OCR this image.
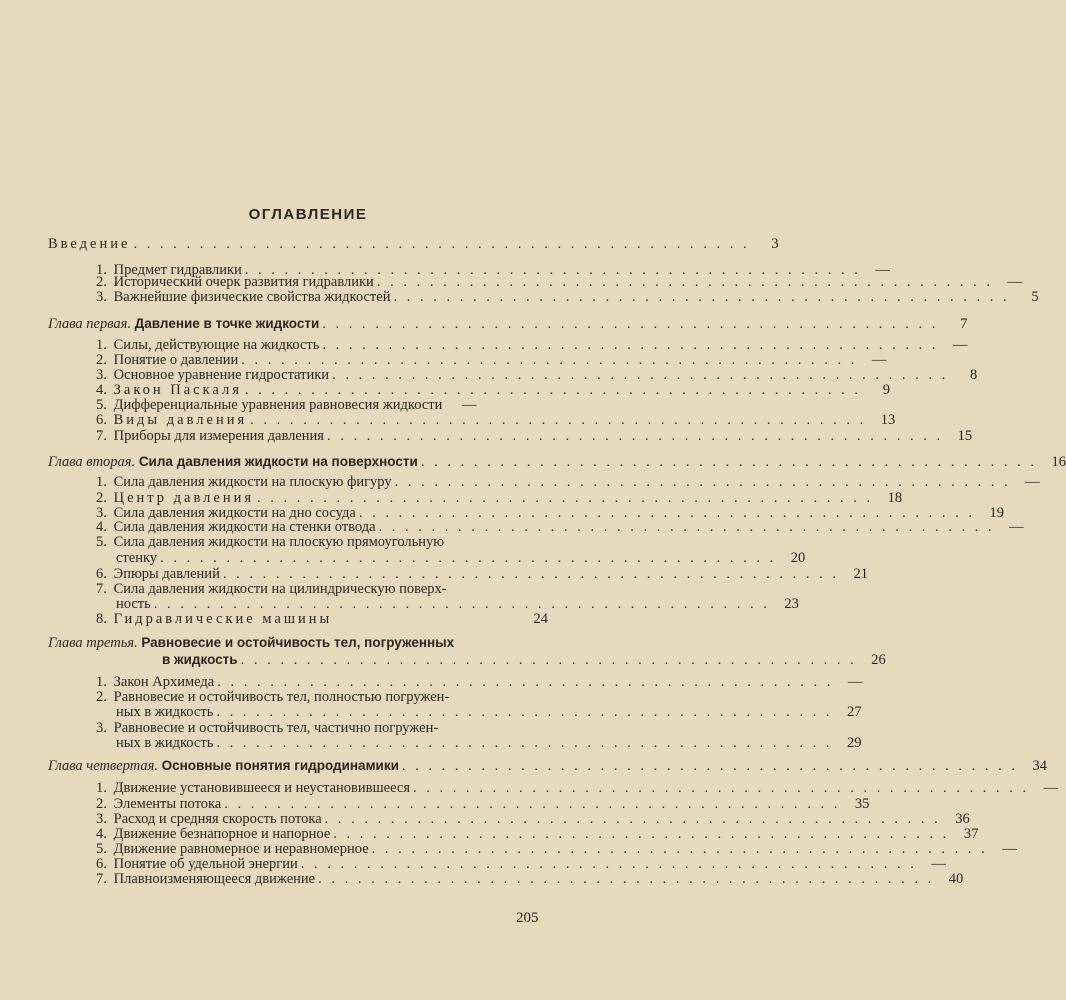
ОГЛАВЛЕНИЕ
Введение . . . . . . . . . . . . . . . . . . . . . . . . . . . . . . . . . . . . . . . . . . . . . . .	3
1. Предмет гидравлики . . . . . . . . . . . . . . . . . . . . . . . . . . . . . . . . . . . . . . . . . . . . . . .	—
2. Исторический очерк развития гидравлики . . . . . . . . . . . . . . . . . . . . . . . . . . . . . . . . . . . . . . . . . . . . . . .	—
3. Важнейшие физические свойства жидкостей . . . . . . . . . . . . . . . . . . . . . . . . . . . . . . . . . . . . . . . . . . . . . . .	5
Глава первая. Давление в точке жидкости . . . . . . . . . . . . . . . . . . . . . . . . . . . . . . . . . . . . . . . . . . . . . . .	7
1. Силы, действующие на жидкость . . . . . . . . . . . . . . . . . . . . . . . . . . . . . . . . . . . . . . . . . . . . . . .	—
2. Понятие о давлении . . . . . . . . . . . . . . . . . . . . . . . . . . . . . . . . . . . . . . . . . . . . . . .	—
3. Основное уравнение гидростатики . . . . . . . . . . . . . . . . . . . . . . . . . . . . . . . . . . . . . . . . . . . . . . .	8
4. Закон Паскаля . . . . . . . . . . . . . . . . . . . . . . . . . . . . . . . . . . . . . . . . . . . . . . .	9
5. Дифференциальные уравнения равновесия жидкости	—
6. Виды давления . . . . . . . . . . . . . . . . . . . . . . . . . . . . . . . . . . . . . . . . . . . . . . .	13
7. Приборы для измерения давления . . . . . . . . . . . . . . . . . . . . . . . . . . . . . . . . . . . . . . . . . . . . . . .	15
Глава вторая. Сила давления жидкости на поверхности . . . . . . . . . . . . . . . . . . . . . . . . . . . . . . . . . . . . . . . . . . . . . . .	16
1. Сила давления жидкости на плоскую фигуру . . . . . . . . . . . . . . . . . . . . . . . . . . . . . . . . . . . . . . . . . . . . . . .	—
2. Центр давления . . . . . . . . . . . . . . . . . . . . . . . . . . . . . . . . . . . . . . . . . . . . . . .	18
3. Сила давления жидкости на дно сосуда . . . . . . . . . . . . . . . . . . . . . . . . . . . . . . . . . . . . . . . . . . . . . . .	19
4. Сила давления жидкости на стенки отвода . . . . . . . . . . . . . . . . . . . . . . . . . . . . . . . . . . . . . . . . . . . . . . .	—
5. Сила давления жидкости на плоскую прямоугольную
стенку . . . . . . . . . . . . . . . . . . . . . . . . . . . . . . . . . . . . . . . . . . . . . . .	20
6. Эпюры давлений . . . . . . . . . . . . . . . . . . . . . . . . . . . . . . . . . . . . . . . . . . . . . . .	21
7. Сила давления жидкости на цилиндрическую поверх-
ность . . . . . . . . . . . . . . . . . . . . . . . . . . . . . . . . . . . . . . . . . . . . . . .	23
8. Гидравлические машины	24
Глава третья. Равновесие и остойчивость тел, погруженных
в жидкость . . . . . . . . . . . . . . . . . . . . . . . . . . . . . . . . . . . . . . . . . . . . . . .	26
1. Закон Архимеда . . . . . . . . . . . . . . . . . . . . . . . . . . . . . . . . . . . . . . . . . . . . . . .	—
2. Равновесие и остойчивость тел, полностью погружен-
ных в жидкость . . . . . . . . . . . . . . . . . . . . . . . . . . . . . . . . . . . . . . . . . . . . . . .	27
3. Равновесие и остойчивость тел, частично погружен-
ных в жидкость . . . . . . . . . . . . . . . . . . . . . . . . . . . . . . . . . . . . . . . . . . . . . . .	29
Глава четвертая. Основные понятия гидродинамики . . . . . . . . . . . . . . . . . . . . . . . . . . . . . . . . . . . . . . . . . . . . . . .	34
1. Движение установившееся и неустановившееся . . . . . . . . . . . . . . . . . . . . . . . . . . . . . . . . . . . . . . . . . . . . . . .	—
2. Элементы потока . . . . . . . . . . . . . . . . . . . . . . . . . . . . . . . . . . . . . . . . . . . . . . .	35
3. Расход и средняя скорость потока . . . . . . . . . . . . . . . . . . . . . . . . . . . . . . . . . . . . . . . . . . . . . . .	36
4. Движение безнапорное и напорное . . . . . . . . . . . . . . . . . . . . . . . . . . . . . . . . . . . . . . . . . . . . . . .	37
5. Движение равномерное и неравномерное . . . . . . . . . . . . . . . . . . . . . . . . . . . . . . . . . . . . . . . . . . . . . . .	—
6. Понятие об удельной энергии . . . . . . . . . . . . . . . . . . . . . . . . . . . . . . . . . . . . . . . . . . . . . . .	—
7. Плавноизменяющееся движение . . . . . . . . . . . . . . . . . . . . . . . . . . . . . . . . . . . . . . . . . . . . . . .	40
205
